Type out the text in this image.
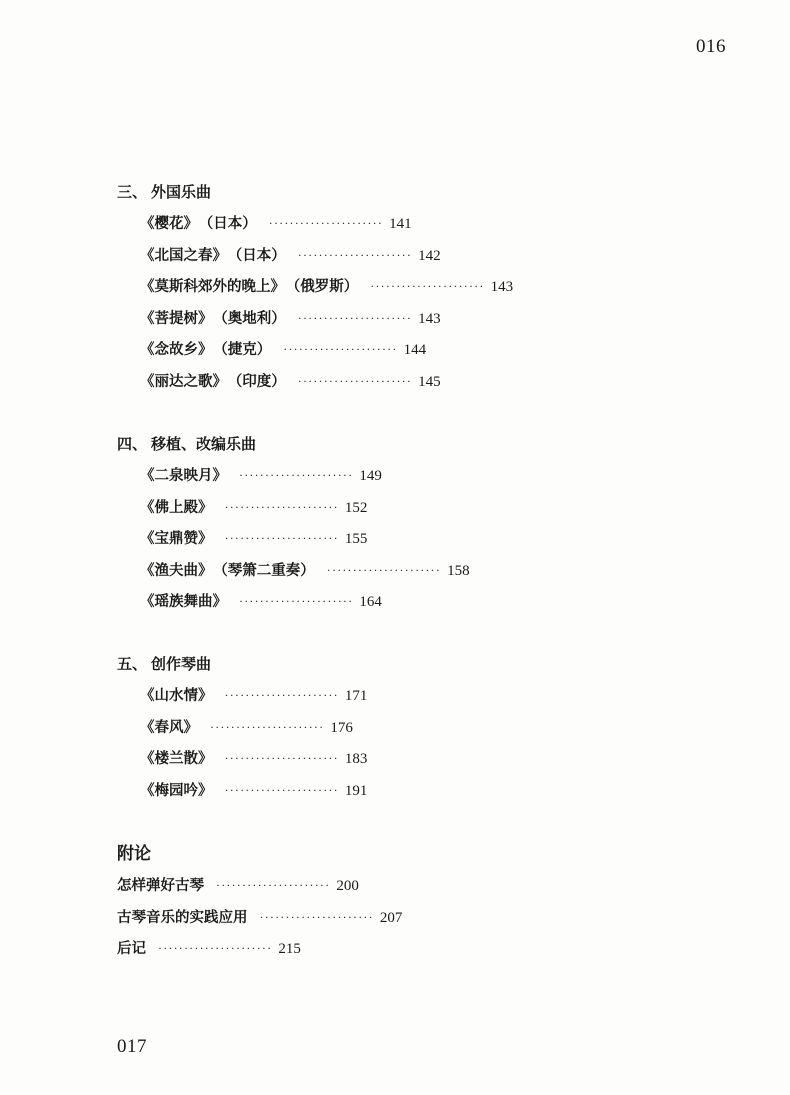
016
三、 外国乐曲
《樱花》 （日本） ······················ 141
《北国之春》 （日本） ······················ 142
《莫斯科郊外的晚上》 （俄罗斯） ······················ 143
《菩提树》 （奥地利） ······················ 143
《念故乡》 （捷克） ······················ 144
《丽达之歌》 （印度） ······················ 145
四、 移植、改编乐曲
《二泉映月》 ······················ 149
《佛上殿》 ······················ 152
《宝鼎赞》 ······················ 155
《渔夫曲》 （琴箫二重奏） ······················ 158
《瑶族舞曲》 ······················ 164
五、 创作琴曲
《山水情》 ······················ 171
《春风》 ······················ 176
《楼兰散》 ······················ 183
《梅园吟》 ······················ 191
附论
怎样弹好古琴 ······················ 200
古琴音乐的实践应用 ······················ 207
后记 ······················ 215
017
